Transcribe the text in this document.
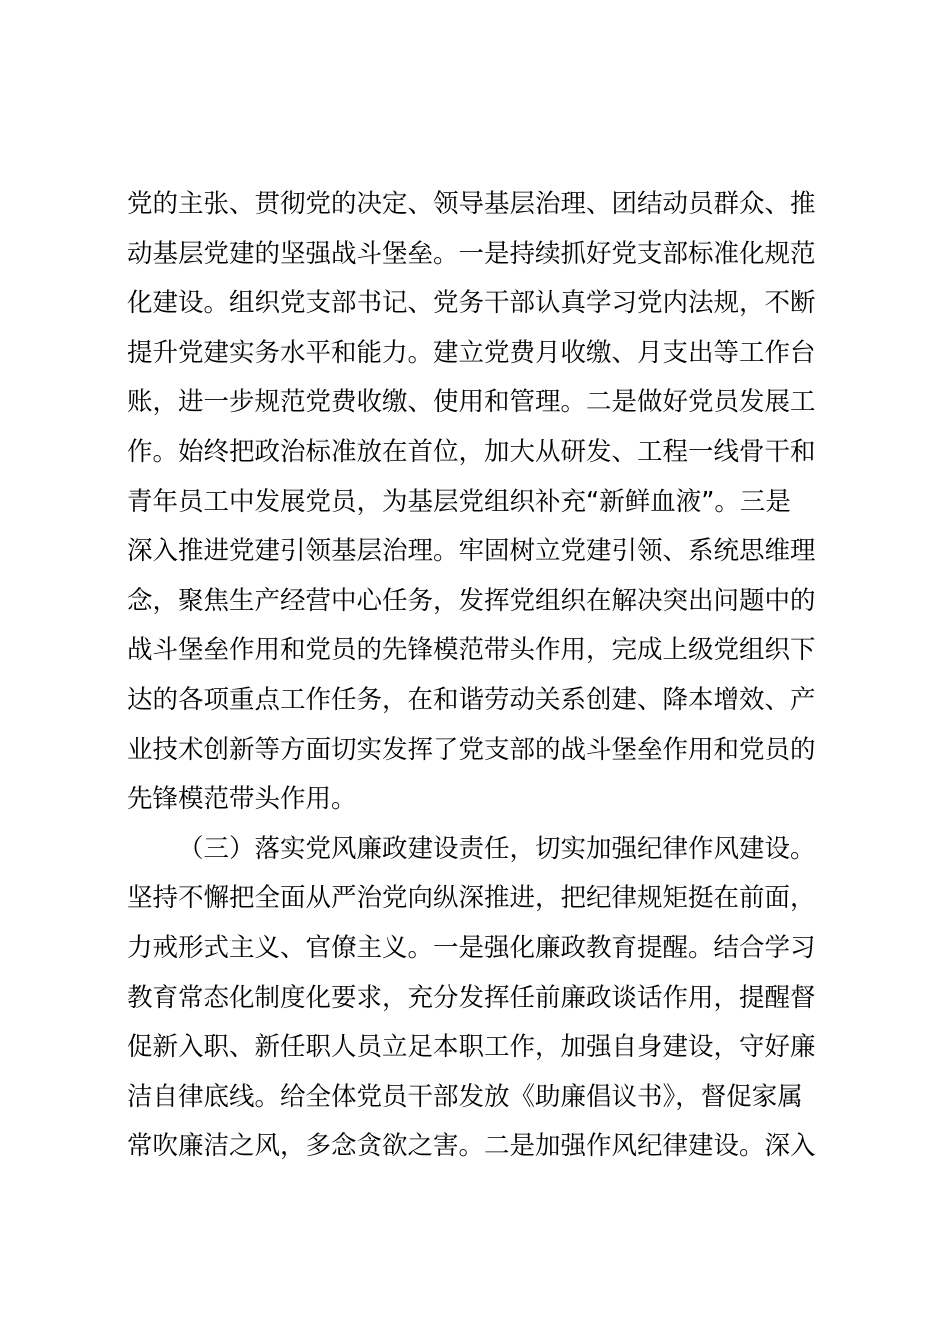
党的主张、贯彻党的决定、领导基层治理、团结动员群众、推
动基层党建的坚强战斗堡垒。一是持续抓好党支部标准化规范
化建设。组织党支部书记、党务干部认真学习党内法规，不断
提升党建实务水平和能力。建立党费月收缴、月支出等工作台
账，进一步规范党费收缴、使用和管理。二是做好党员发展工
作。始终把政治标准放在首位，加大从研发、工程一线骨干和
青年员工中发展党员，为基层党组织补充“新鲜血液”。三是
深入推进党建引领基层治理。牢固树立党建引领、系统思维理
念，聚焦生产经营中心任务，发挥党组织在解决突出问题中的
战斗堡垒作用和党员的先锋模范带头作用，完成上级党组织下
达的各项重点工作任务，在和谐劳动关系创建、降本增效、产
业技术创新等方面切实发挥了党支部的战斗堡垒作用和党员的
先锋模范带头作用。
（三）落实党风廉政建设责任，切实加强纪律作风建设。
坚持不懈把全面从严治党向纵深推进，把纪律规矩挺在前面，
力戒形式主义、官僚主义。一是强化廉政教育提醒。结合学习
教育常态化制度化要求，充分发挥任前廉政谈话作用，提醒督
促新入职、新任职人员立足本职工作，加强自身建设，守好廉
洁自律底线。给全体党员干部发放《助廉倡议书》，督促家属
常吹廉洁之风，多念贪欲之害。二是加强作风纪律建设。深入
